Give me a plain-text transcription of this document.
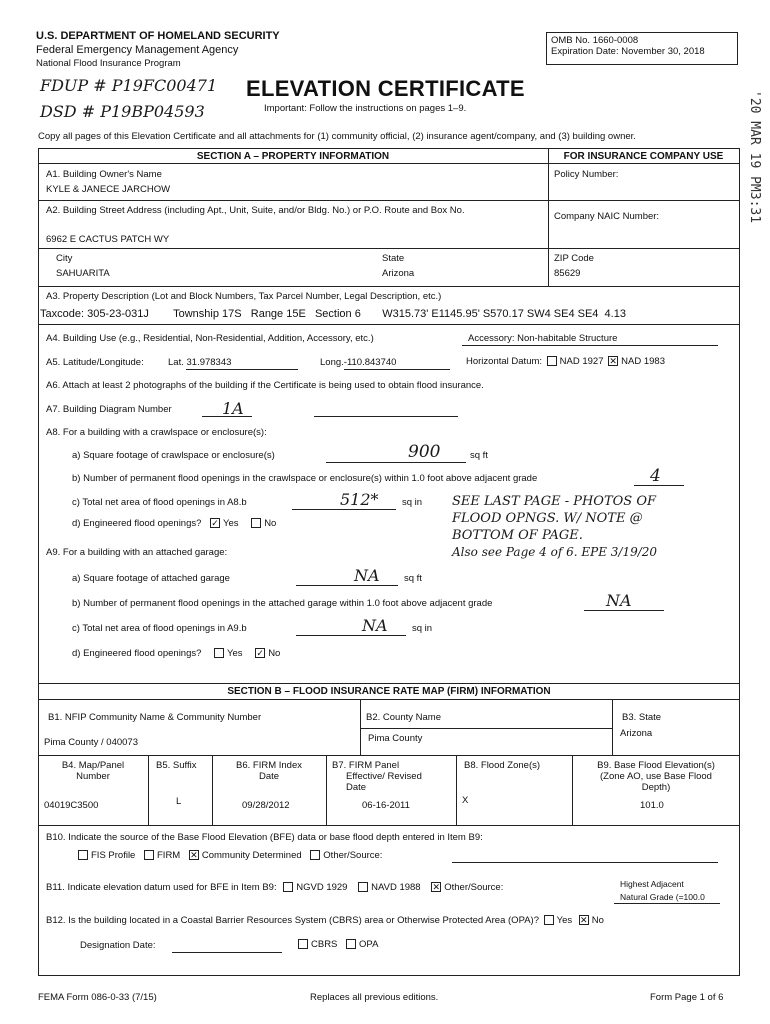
U.S. DEPARTMENT OF HOMELAND SECURITY
Federal Emergency Management Agency
National Flood Insurance Program
OMB No. 1660-0008
Expiration Date: November 30, 2018
FDUP # P19FC00471
DSD # P19BP04593
ELEVATION CERTIFICATE
Important: Follow the instructions on pages 1–9.	'20 MAR 19 PM3:31
Copy all pages of this Elevation Certificate and all attachments for (1) community official, (2) insurance agent/company, and (3) building owner.
SECTION A – PROPERTY INFORMATION	FOR INSURANCE COMPANY USE
A1. Building Owner's Name
KYLE & JANECE JARCHOW
Policy Number:
A2. Building Street Address (including Apt., Unit, Suite, and/or Bldg. No.) or P.O. Route and Box No.
6962 E CACTUS PATCH WY
Company NAIC Number:
City
SAHUARITA
State
Arizona
ZIP Code
85629
A3. Property Description (Lot and Block Numbers, Tax Parcel Number, Legal Description, etc.)
Taxcode: 305-23-031J        Township 17S   Range 15E   Section 6       W315.73' E1145.95' S570.17 SW4 SE4 SE4  4.13
A4. Building Use (e.g., Residential, Non-Residential, Addition, Accessory, etc.)	Accessory: Non-habitable Structure
A5. Latitude/Longitude:	Lat. 31.978343	Long.-110.843740	Horizontal Datum: NAD 1927 ✕ NAD 1983
A6. Attach at least 2 photographs of the building if the Certificate is being used to obtain flood insurance.
A7. Building Diagram Number	1A
A8. For a building with a crawlspace or enclosure(s):
a) Square footage of crawlspace or enclosure(s)	900	sq ft
b) Number of permanent flood openings in the crawlspace or enclosure(s) within 1.0 foot above adjacent grade	4
c) Total net area of flood openings in A8.b	512* sq in
d) Engineered flood openings? ✓ Yes	No
SEE LAST PAGE - PHOTOS OF
FLOOD OPNGS. W/ NOTE @
BOTTOM OF PAGE.
Also see Page 4 of 6. EPE 3/19/20
A9. For a building with an attached garage:
a) Square footage of attached garage	NA	sq ft
b) Number of permanent flood openings in the attached garage within 1.0 foot above adjacent grade	NA
c) Total net area of flood openings in A9.b	NA	sq in
d) Engineered flood openings?	Yes ✓ No
SECTION B – FLOOD INSURANCE RATE MAP (FIRM) INFORMATION
B1. NFIP Community Name & Community Number
Pima County / 040073
B2. County Name
Pima County
B3. State
Arizona
B4. Map/Panel Number
04019C3500
B5. Suffix
L
B6. FIRM Index Date
09/28/2012
B7. FIRM Panel Effective/ Revised Date
06-16-2011
B8. Flood Zone(s)
X
B9. Base Flood Elevation(s) (Zone AO, use Base Flood Depth)
101.0
B10. Indicate the source of the Base Flood Elevation (BFE) data or base flood depth entered in Item B9:
FIS Profile FIRM ✕ Community Determined Other/Source:
B11. Indicate elevation datum used for BFE in Item B9: NGVD 1929 NAVD 1988 ✕ Other/Source:	Highest Adjacent
Natural Grade (=100.0
B12. Is the building located in a Coastal Barrier Resources System (CBRS) area or Otherwise Protected Area (OPA)? Yes ✕ No
Designation Date:	CBRS OPA
FEMA Form 086-0-33 (7/15)	Replaces all previous editions.	Form Page 1 of 6
